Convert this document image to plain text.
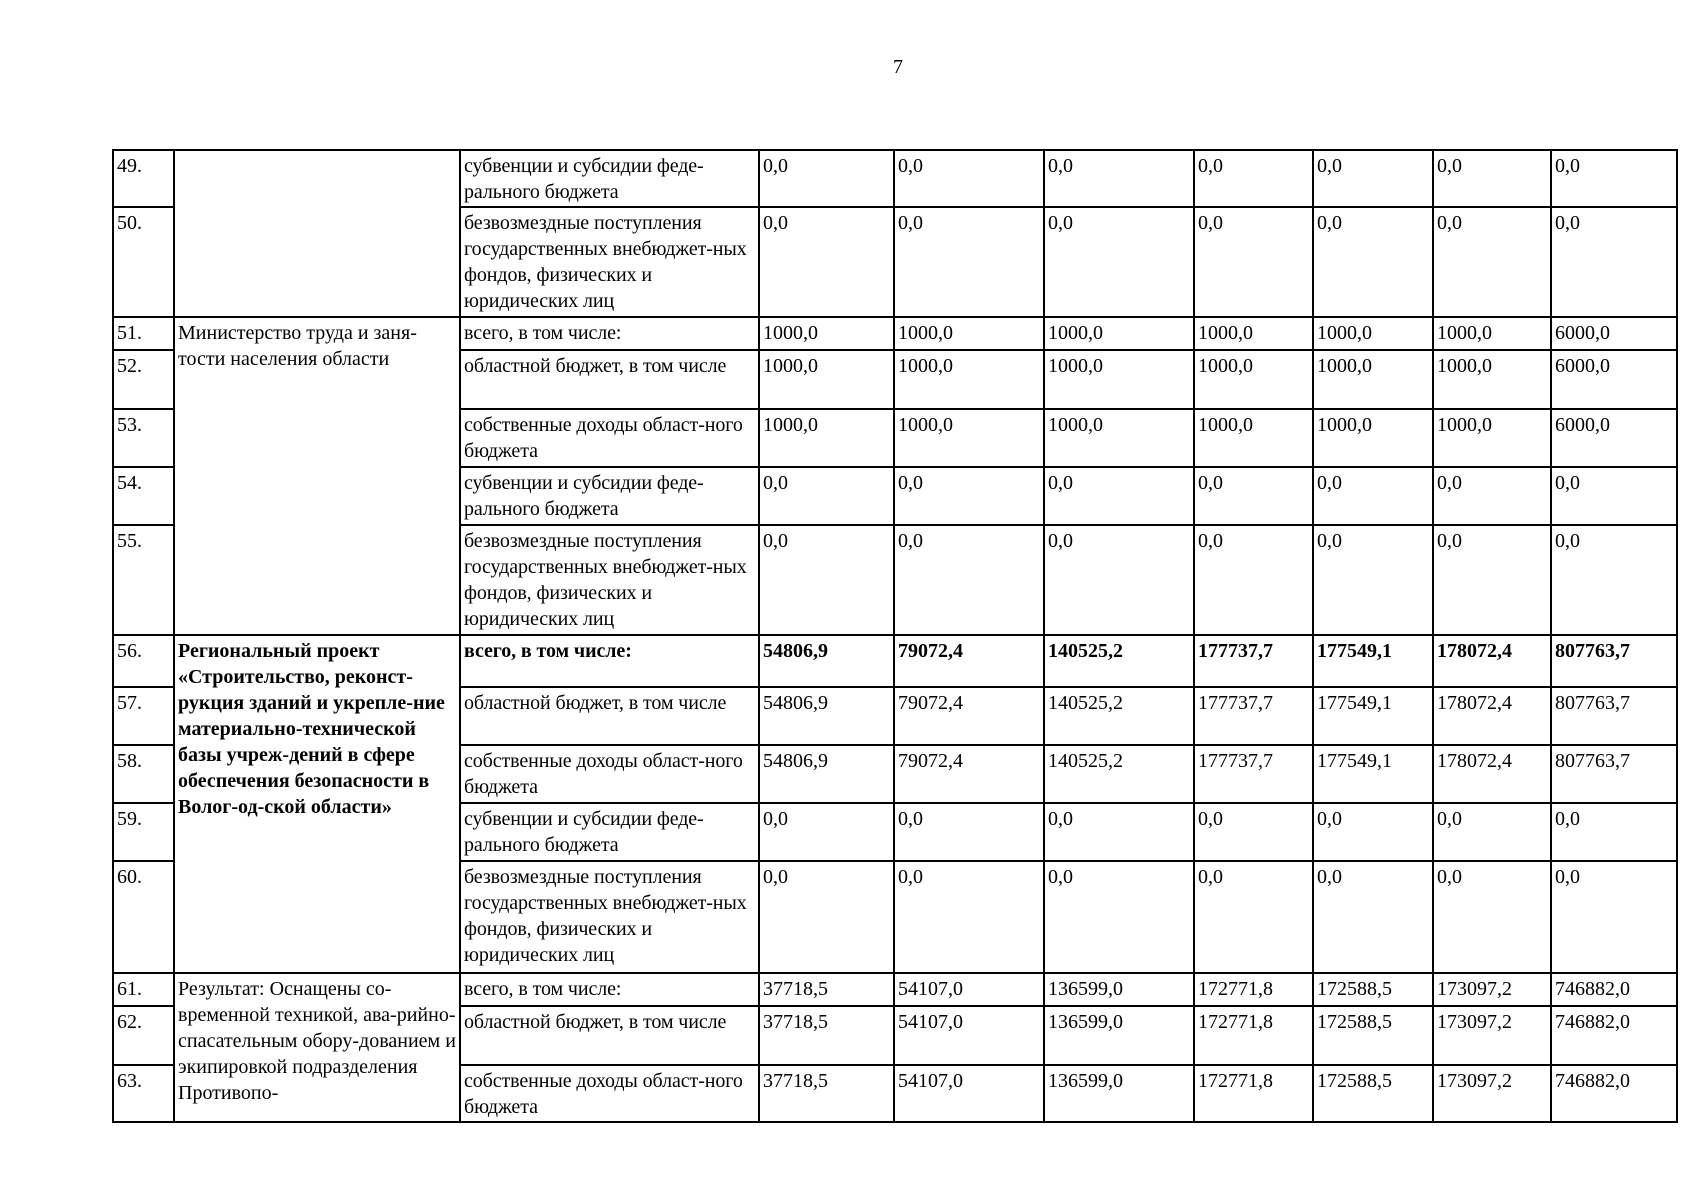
7
49.		субвенции и субсидии феде-рального бюджета	0,0	0,0	0,0	0,0	0,0	0,0	0,0
50.		безвозмездные поступления государственных внебюджет-ных фондов, физических и юридических лиц	0,0	0,0	0,0	0,0	0,0	0,0	0,0
51.	Министерство труда и заня-тости населения области	всего, в том числе:	1000,0	1000,0	1000,0	1000,0	1000,0	1000,0	6000,0
52.		областной бюджет, в том числе	1000,0	1000,0	1000,0	1000,0	1000,0	1000,0	6000,0
53.		собственные доходы област-ного бюджета	1000,0	1000,0	1000,0	1000,0	1000,0	1000,0	6000,0
54.		субвенции и субсидии феде-рального бюджета	0,0	0,0	0,0	0,0	0,0	0,0	0,0
55.		безвозмездные поступления государственных внебюджет-ных фондов, физических и юридических лиц	0,0	0,0	0,0	0,0	0,0	0,0	0,0
56.	Региональный проект «Строительство, реконст-рукция зданий и укрепле-ние материально-технической базы учреж-дений в сфере обеспечения безопасности в Волог-од-ской области»	всего, в том числе:	54806,9	79072,4	140525,2	177737,7	177549,1	178072,4	807763,7
57.		областной бюджет, в том числе	54806,9	79072,4	140525,2	177737,7	177549,1	178072,4	807763,7
58.		собственные доходы област-ного бюджета	54806,9	79072,4	140525,2	177737,7	177549,1	178072,4	807763,7
59.		субвенции и субсидии феде-рального бюджета	0,0	0,0	0,0	0,0	0,0	0,0	0,0
60.		безвозмездные поступления государственных внебюджет-ных фондов, физических и юридических лиц	0,0	0,0	0,0	0,0	0,0	0,0	0,0
61.	Результат: Оснащены со-временной техникой, ава-рийно-спасательным обору-дованием и экипировкой подразделения Противопо-	всего, в том числе:	37718,5	54107,0	136599,0	172771,8	172588,5	173097,2	746882,0
62.		областной бюджет, в том числе	37718,5	54107,0	136599,0	172771,8	172588,5	173097,2	746882,0
63.		собственные доходы област-ного бюджета	37718,5	54107,0	136599,0	172771,8	172588,5	173097,2	746882,0
